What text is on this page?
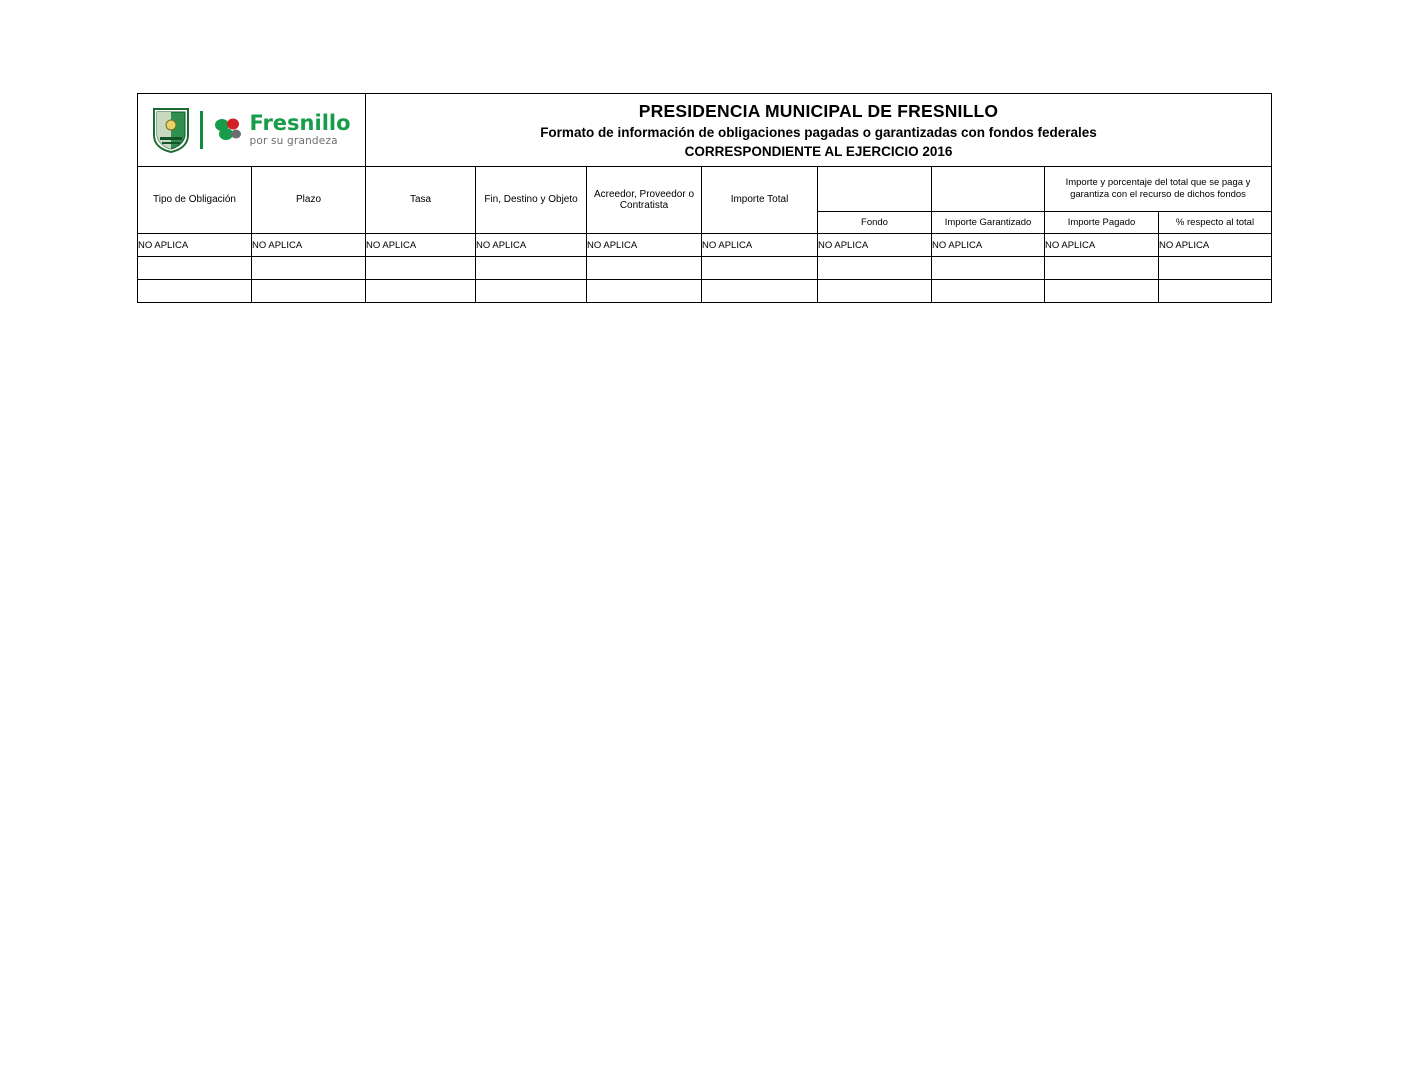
Fresnillo
por su grandeza

PRESIDENCIA MUNICIPAL DE FRESNILLO
Formato de información de obligaciones pagadas o garantizadas con fondos federales
CORRESPONDIENTE AL EJERCICIO 2016

Tipo de Obligación	Plazo	Tasa	Fin, Destino y Objeto	Acreedor, Proveedor o Contratista	Importe Total			Importe y porcentaje del total que se paga y garantiza con el recurso de dichos fondos	
						Fondo	Importe Garantizado	Importe Pagado	% respecto al total
NO APLICA	NO APLICA	NO APLICA	NO APLICA	NO APLICA	NO APLICA	NO APLICA	NO APLICA	NO APLICA	NO APLICA
